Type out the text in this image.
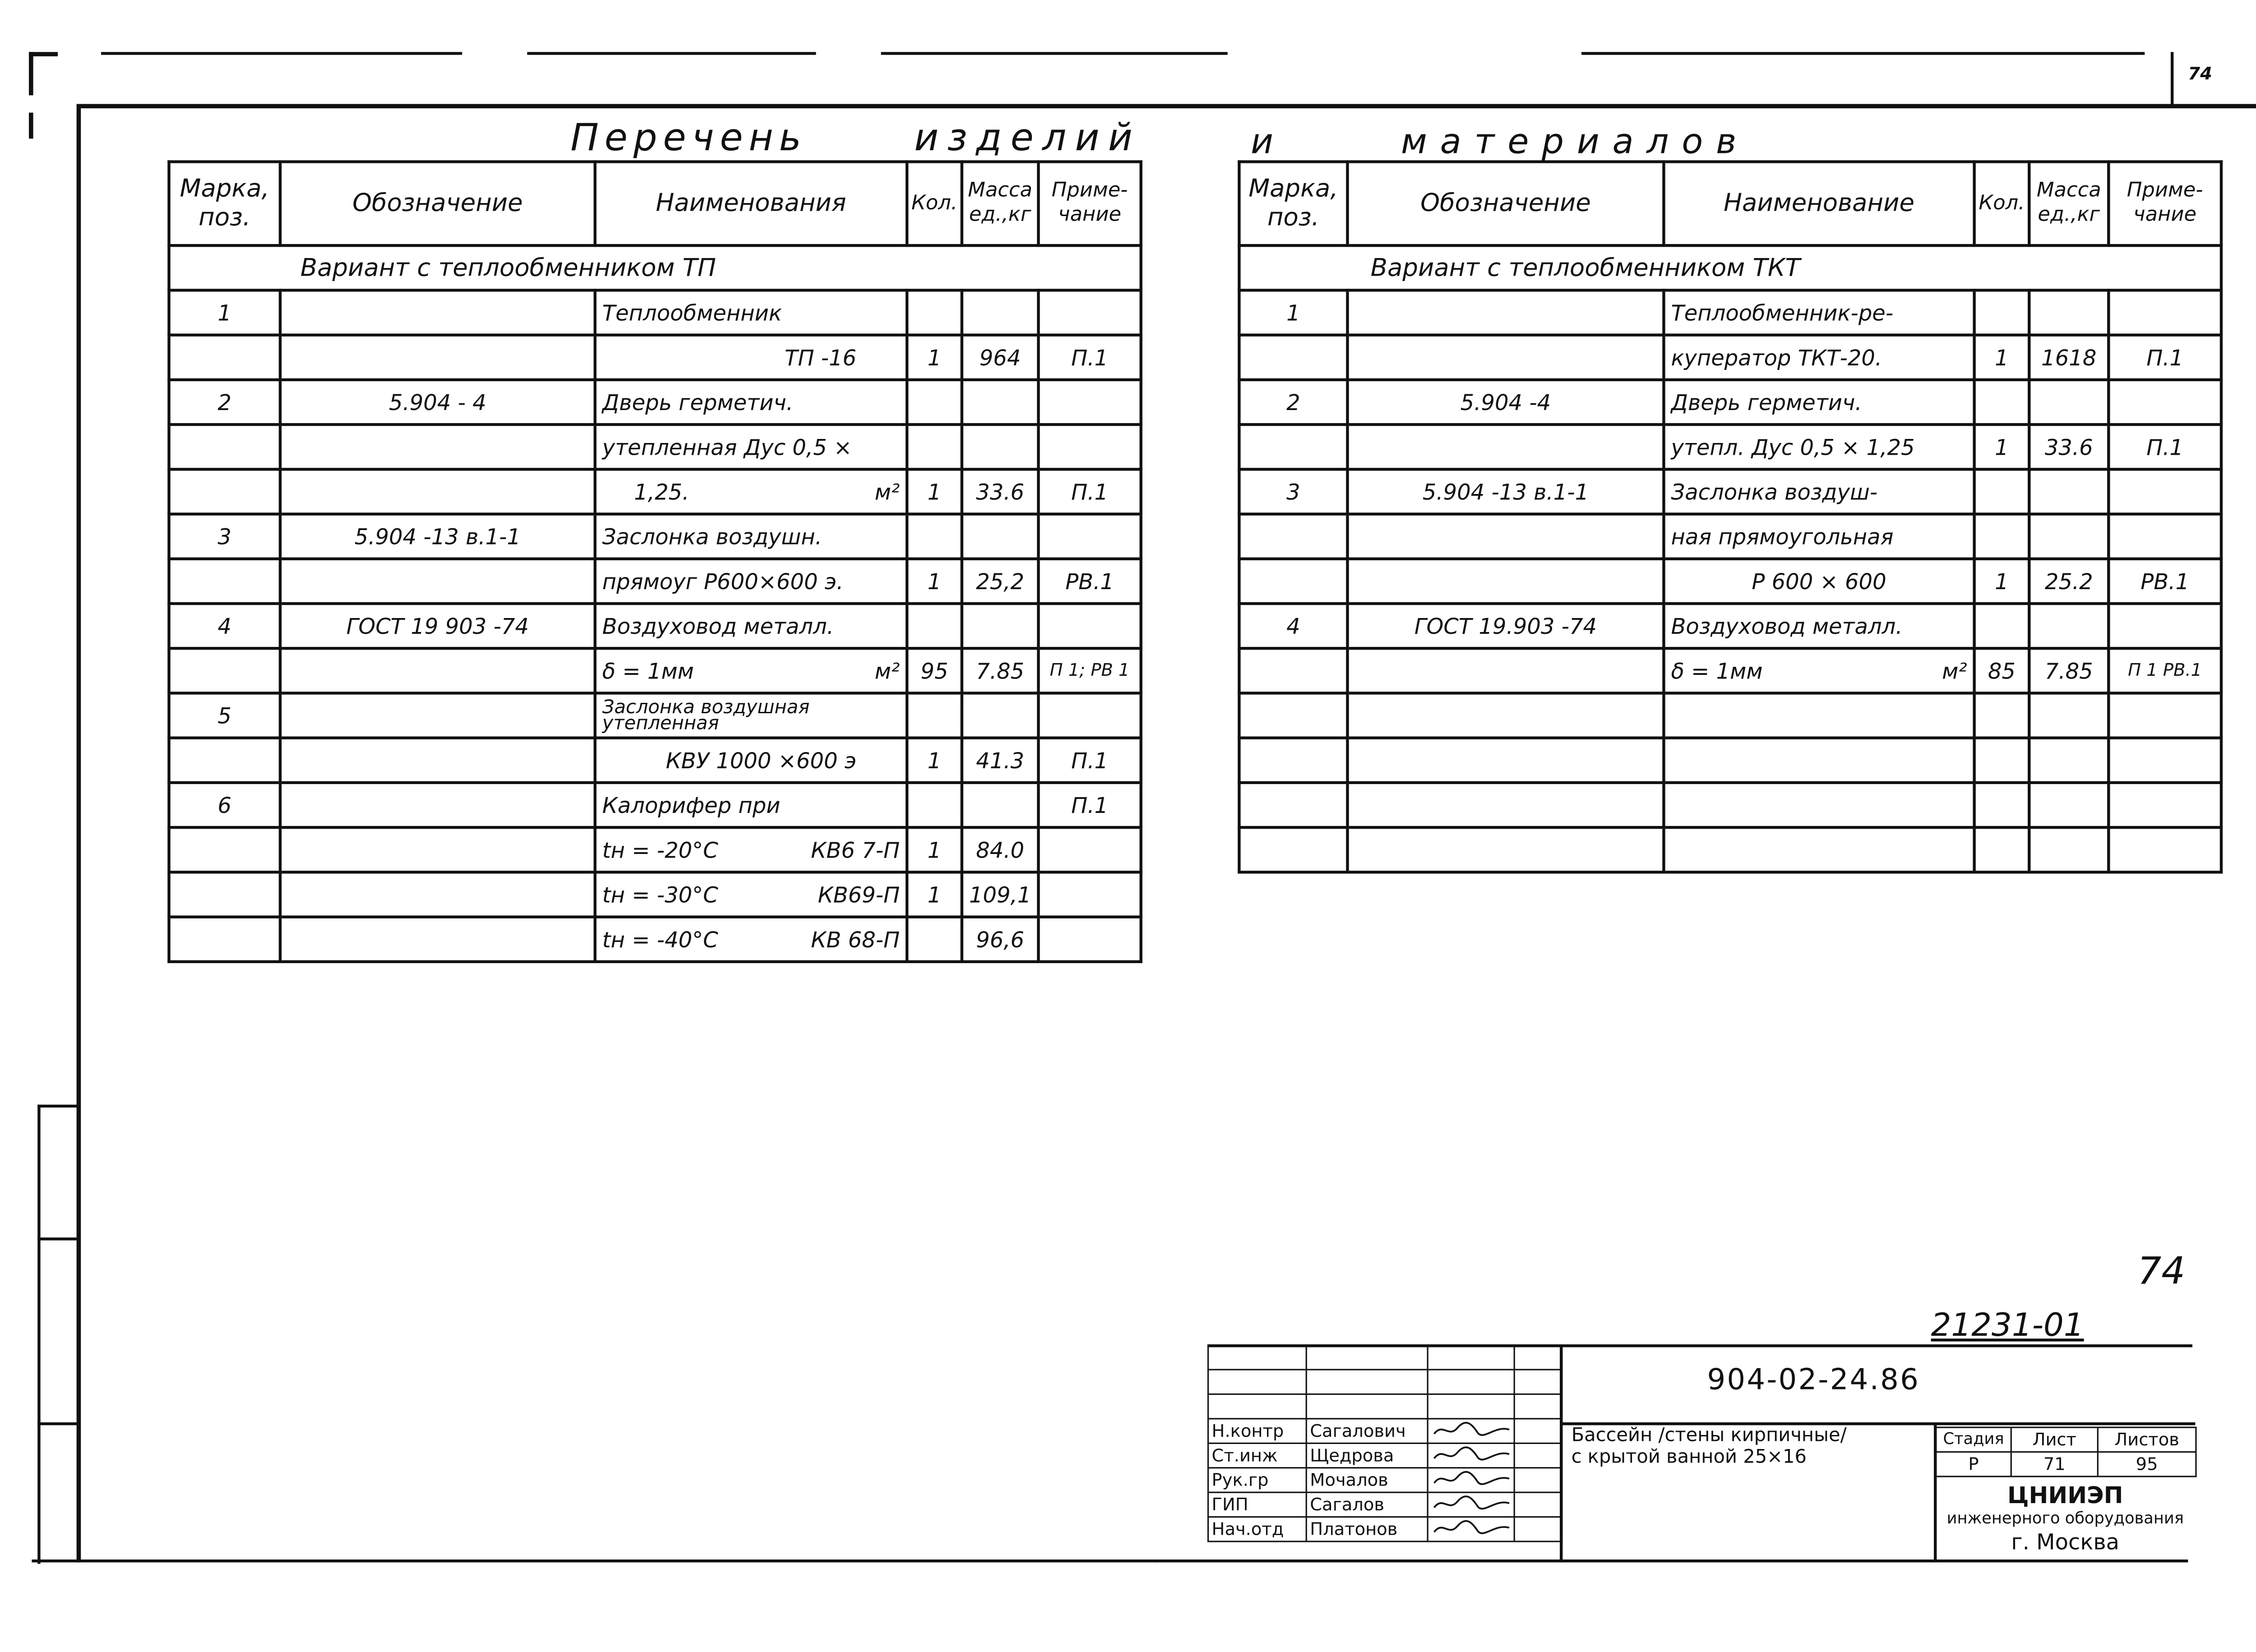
74
Перечень	изделий	и	материалов
Марка, поз.	Обозначение	Наименования	Кол.	Масса ед.,кг	Приме- чание
Вариант с теплообменником ТП					
1		Теплообменник			

		ТП -16	1	964	П.1
2	5.904 - 4	Дверь герметич.			

		утепленная Дус 0,5 ×			

		1,25. м²	1	33.6	П.1
3	5.904 -13 в.1-1	Заслонка воздушн.			

		прямоуг Р600×600 э.	1	25,2	РВ.1
4	ГОСТ 19 903 -74	Воздуховод металл.			

		δ = 1мм м²	95	7.85	П 1; РВ 1
5		Заслонка воздушная утепленная			

		КВУ 1000 ×600 э	1	41.3	П.1
6		Калорифер при			П.1

		tн = -20°С КВ6 7-П	1	84.0	

		tн = -30°С КВ69-П	1	109,1	

		tн = -40°С КВ 68-П		96,6	
Марка, поз.	Обозначение	Наименование	Кол.	Масса ед.,кг	Приме- чание
Вариант с теплообменником ТКТ					
1		Теплообменник-ре-			

		куператор ТКТ-20.	1	1618	П.1
2	5.904 -4	Дверь герметич.			

		утепл. Дус 0,5 × 1,25	1	33.6	П.1
3	5.904 -13 в.1-1	Заслонка воздуш-			

		ная прямоугольная			

		Р 600 × 600	1	25.2	РВ.1
4	ГОСТ 19.903 -74	Воздуховод металл.			

		δ = 1мм м²	85	7.85	П 1 РВ.1

74
21231-01

Н.контр	Сагалович		
Ст.инж	Щедрова		
Рук.гр	Мочалов		
ГИП	Сагалов		
Нач.отд	Платонов		
904-02-24.86
Бассейн /стены кирпичные/
с крытой ванной 25×16
Стадия	Лист	Листов
Р	71	95
ЦНИИЭП
инженерного оборудования
г. Москва
